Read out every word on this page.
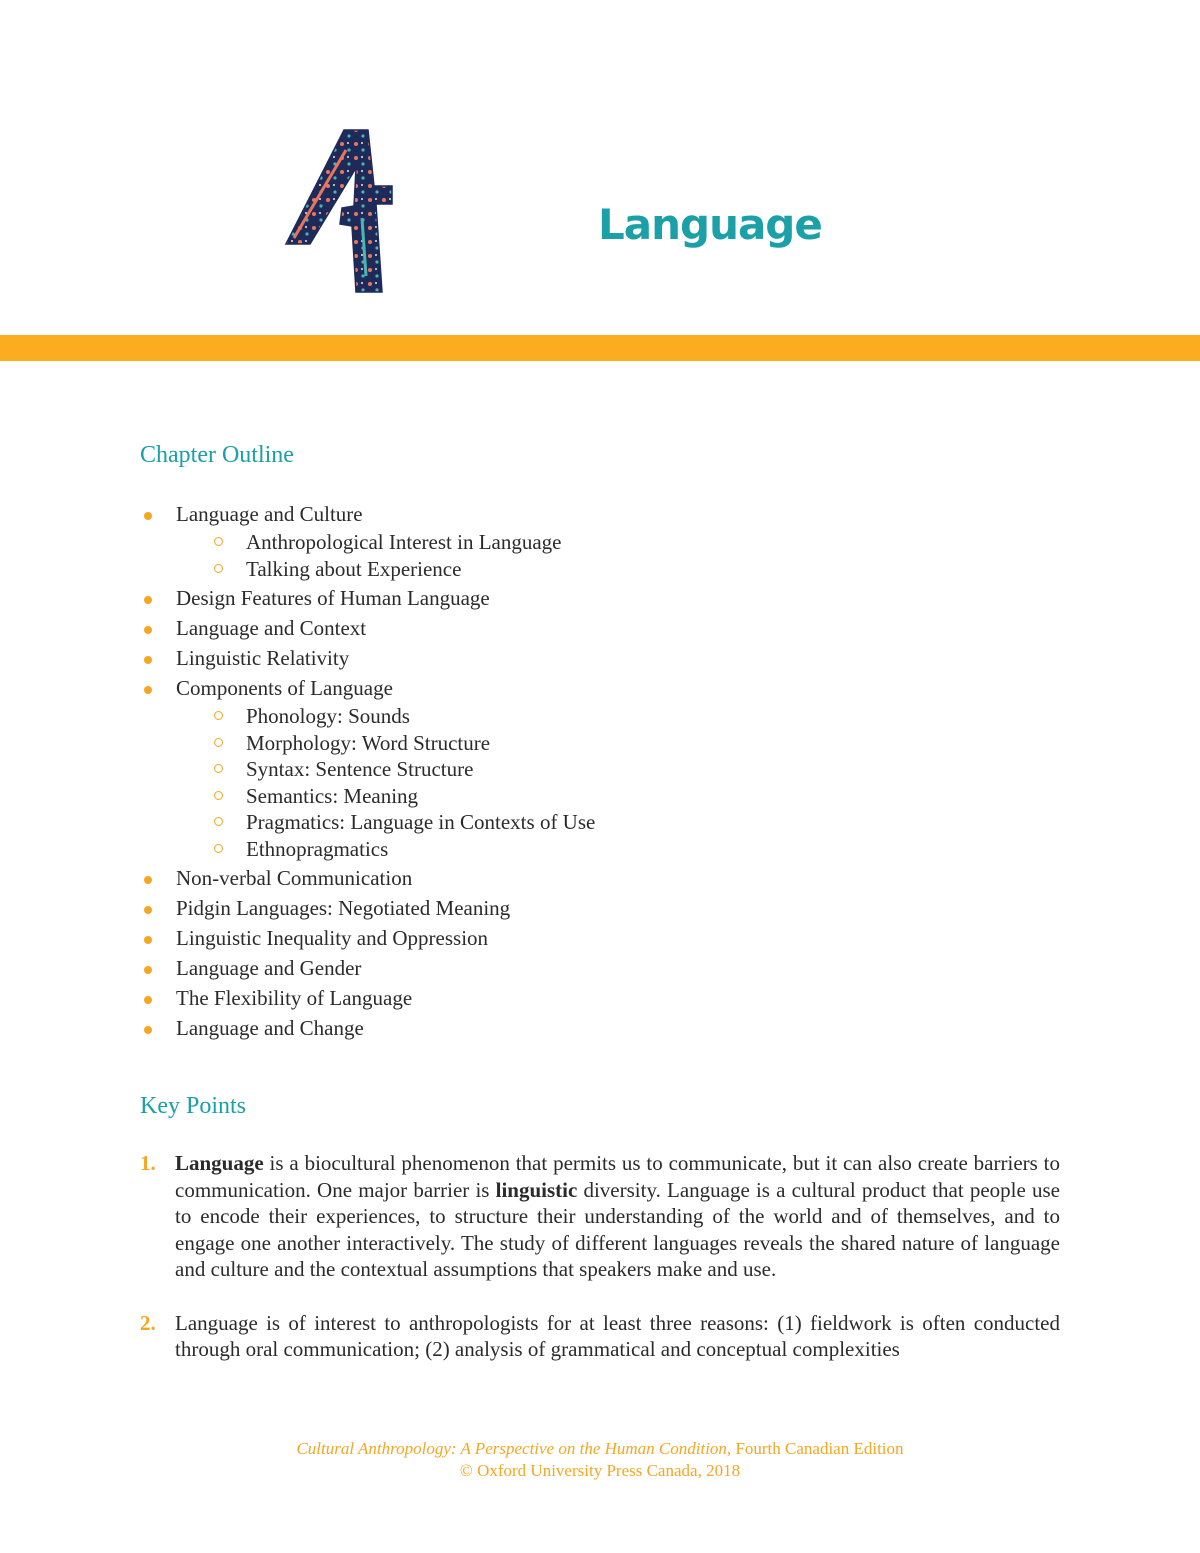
Language
Chapter Outline
Language and Culture
Anthropological Interest in Language
Talking about Experience
Design Features of Human Language
Language and Context
Linguistic Relativity
Components of Language
Phonology: Sounds
Morphology: Word Structure
Syntax: Sentence Structure
Semantics: Meaning
Pragmatics: Language in Contexts of Use
Ethnopragmatics
Non-verbal Communication
Pidgin Languages: Negotiated Meaning
Linguistic Inequality and Oppression
Language and Gender
The Flexibility of Language
Language and Change
Key Points
1. Language is a biocultural phenomenon that permits us to communicate, but it can also create barriers to communication. One major barrier is linguistic diversity. Language is a cultural product that people use to encode their experiences, to structure their understanding of the world and of themselves, and to engage one another interactively. The study of different languages reveals the shared nature of language and culture and the contextual assumptions that speakers make and use.
2. Language is of interest to anthropologists for at least three reasons: (1) fieldwork is often conducted through oral communication; (2) analysis of grammatical and conceptual complexities
Cultural Anthropology: A Perspective on the Human Condition, Fourth Canadian Edition
© Oxford University Press Canada, 2018
